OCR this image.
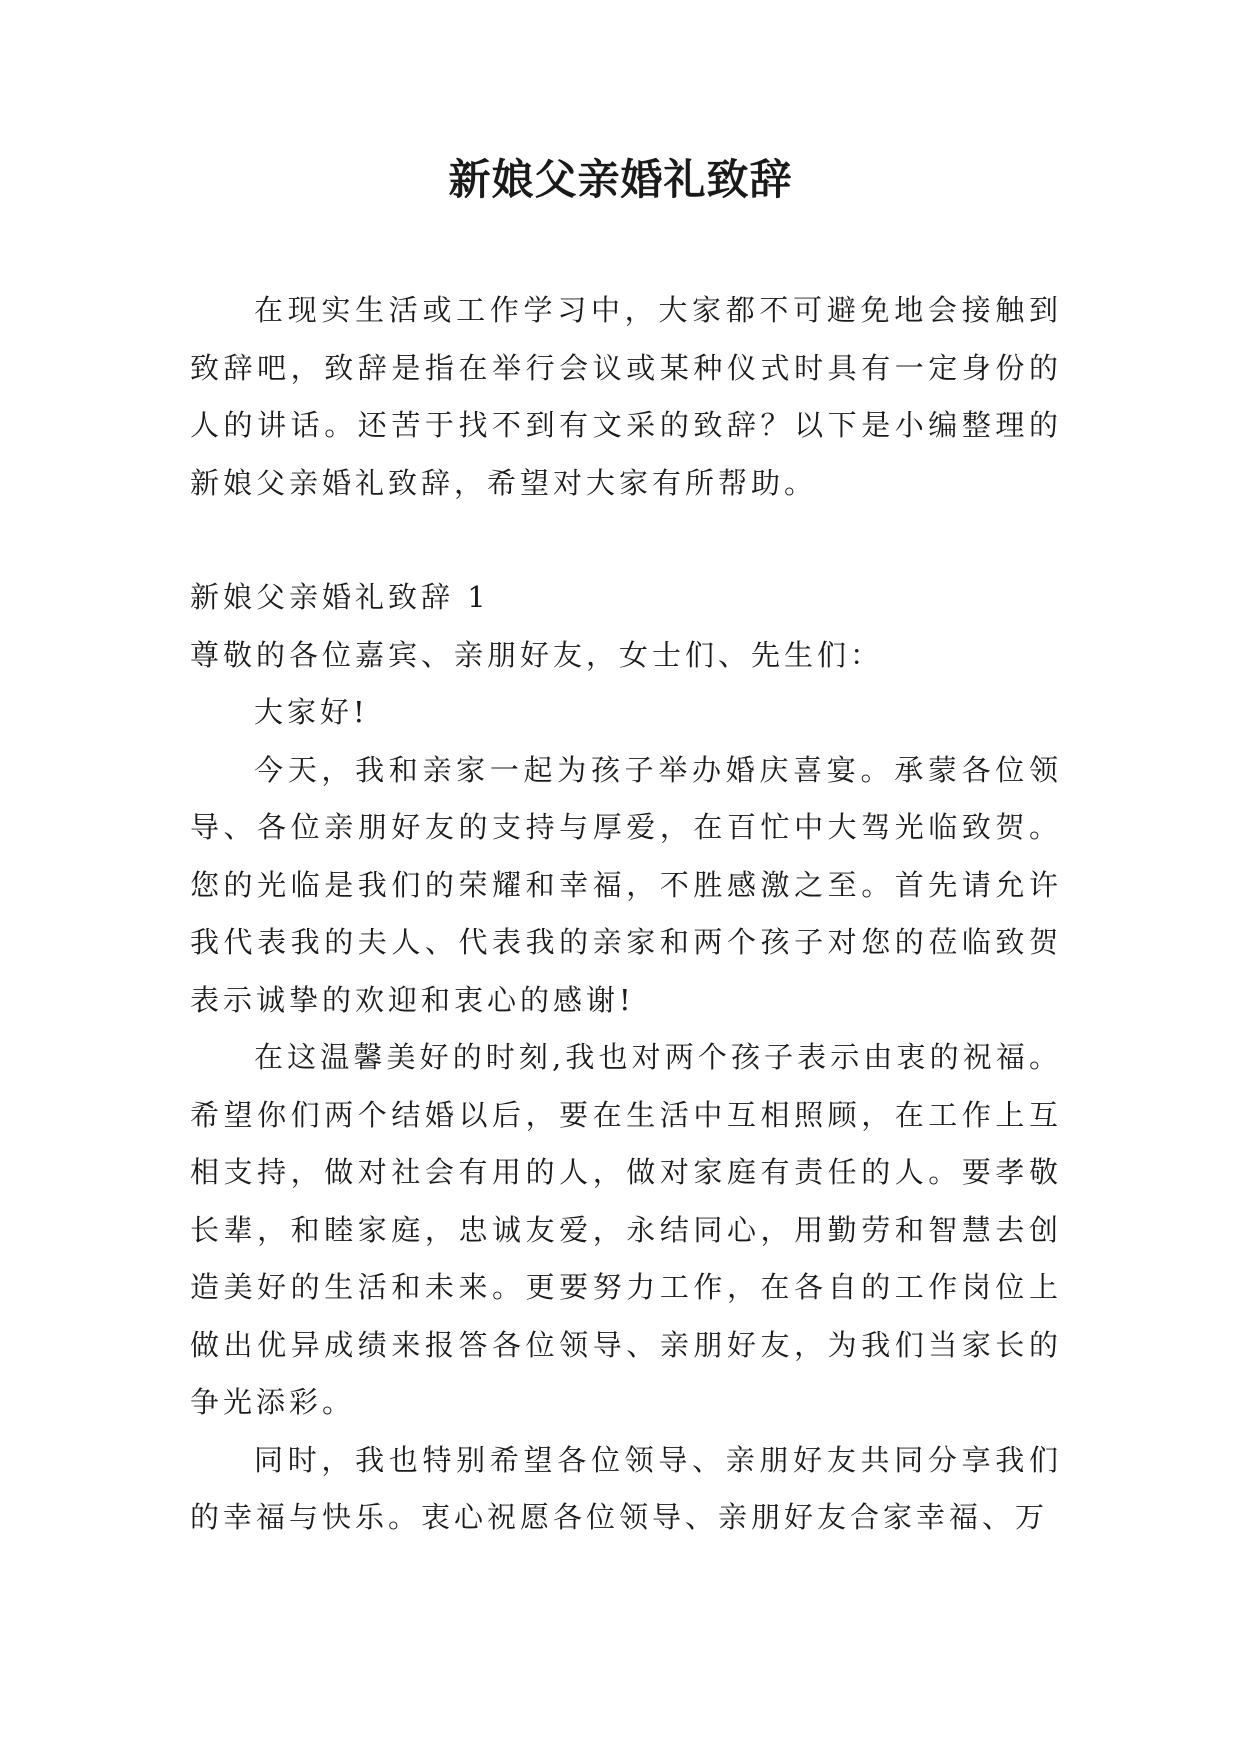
新娘父亲婚礼致辞

在现实生活或工作学习中，大家都不可避免地会接触到致辞吧，致辞是指在举行会议或某种仪式时具有一定身份的人的讲话。还苦于找不到有文采的致辞？以下是小编整理的新娘父亲婚礼致辞，希望对大家有所帮助。

新娘父亲婚礼致辞 1

尊敬的各位嘉宾、亲朋好友，女士们、先生们：

大家好!

今天，我和亲家一起为孩子举办婚庆喜宴。承蒙各位领导、各位亲朋好友的支持与厚爱，在百忙中大驾光临致贺。您的光临是我们的荣耀和幸福，不胜感激之至。首先请允许我代表我的夫人、代表我的亲家和两个孩子对您的莅临致贺表示诚挚的欢迎和衷心的感谢!

在这温馨美好的时刻,我也对两个孩子表示由衷的祝福。希望你们两个结婚以后，要在生活中互相照顾，在工作上互相支持，做对社会有用的人，做对家庭有责任的人。要孝敬长辈，和睦家庭，忠诚友爱，永结同心，用勤劳和智慧去创造美好的生活和未来。更要努力工作，在各自的工作岗位上做出优异成绩来报答各位领导、亲朋好友，为我们当家长的争光添彩。

同时，我也特别希望各位领导、亲朋好友共同分享我们的幸福与快乐。衷心祝愿各位领导、亲朋好友合家幸福、万
